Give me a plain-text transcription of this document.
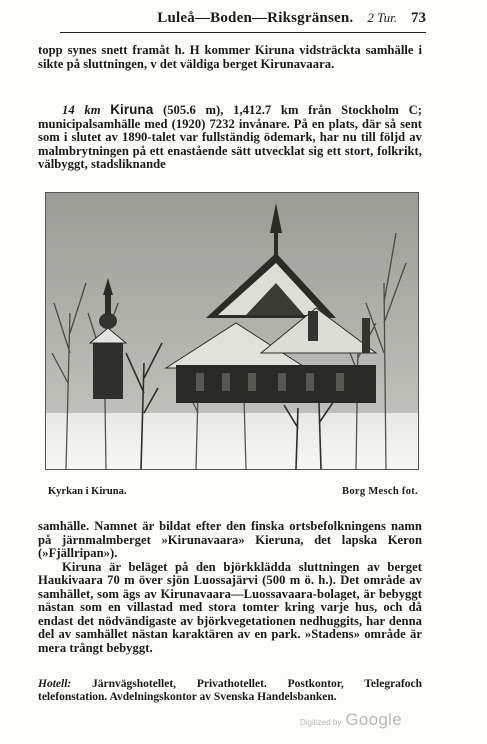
Luleå—Boden—Riksgränsen. 2 Tur. 73

topp synes snett framåt h. H kommer Kiruna vidsträckta samhälle i sikte på sluttningen, v det väldiga berget Kirunavaara.

14 km Kiruna (505.6 m), 1,412.7 km från Stockholm C; municipalsamhälle med (1920) 7232 invånare. På en plats, där så sent som i slutet av 1890-talet var fullständig ödemark, har nu till följd av malmbrytningen på ett enastående sätt utvecklat sig ett stort, folkrikt, välbyggt, stadsliknande

Kyrkan i Kiruna.	Borg Mesch fot.

samhälle. Namnet är bildat efter den finska ortsbefolkningens namn på järnmalmberget »Kirunavaara» Kieruna, det lapska Keron (»Fjällripan»).

Kiruna är beläget på den björkklädda sluttningen av berget Haukivaara 70 m över sjön Luossajärvi (500 m ö. h.). Det område av samhället, som ägs av Kirunavaara—Luossavaara-bolaget, är bebyggt nästan som en villastad med stora tomter kring varje hus, och då endast det nödvändigaste av björkvegetationen nedhuggits, har denna del av samhället nästan karaktären av en park. »Stadens» område är mera trångt bebyggt.

Hotell: Järnvägshotellet, Privathotellet. Postkontor, Telegrafoch telefonstation. Avdelningskontor av Svenska Handelsbanken.
Digitized by Google
